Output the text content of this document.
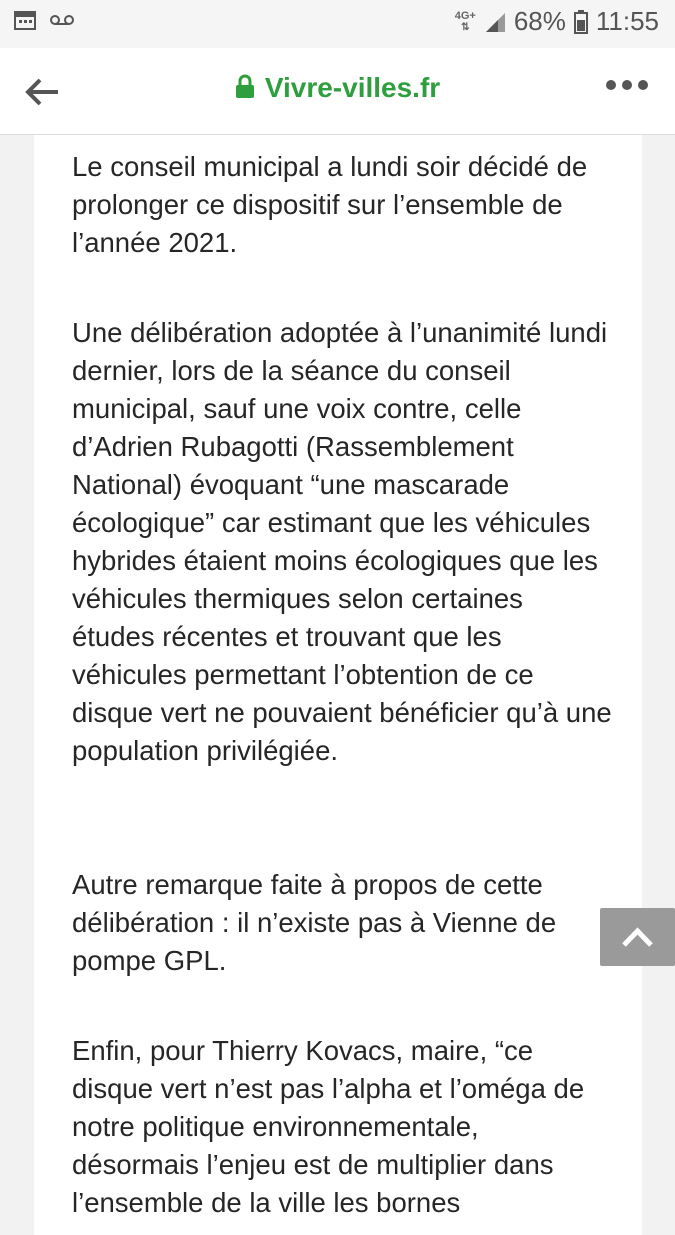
4G+
⇅ 68% 11:55
Vivre-villes.fr

Le conseil municipal a lundi soir décidé de prolonger ce dispositif sur l’ensemble de l’année 2021.

Une délibération adoptée à l’unanimité lundi dernier, lors de la séance du conseil municipal, sauf une voix contre, celle d’Adrien Rubagotti (Rassemblement National) évoquant “une mascarade écologique” car estimant que les véhicules hybrides étaient moins écologiques que les véhicules thermiques selon certaines études récentes et trouvant que les véhicules permettant l’obtention de ce disque vert ne pouvaient bénéficier qu’à une population privilégiée.

Autre remarque faite à propos de cette délibération : il n’existe pas à Vienne de pompe GPL.

Enfin, pour Thierry Kovacs, maire, “ce disque vert n’est pas l’alpha et l’oméga de notre politique environnementale, désormais l’enjeu est de multiplier dans l’ensemble de la ville les bornes
